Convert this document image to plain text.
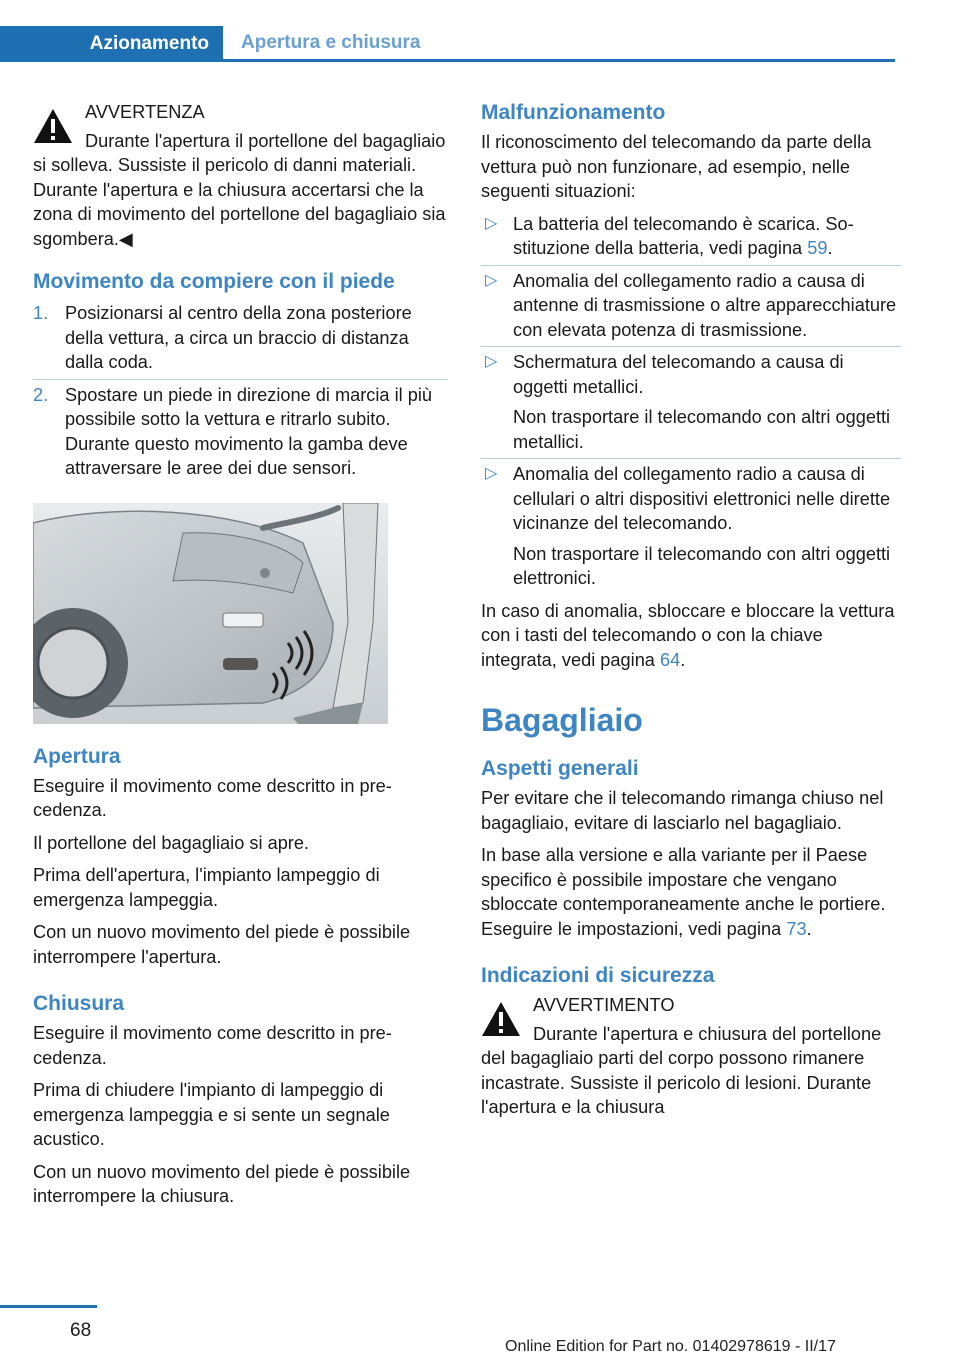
Azionamento Apertura e chiusura

AVVERTENZA

Durante l'apertura il portellone del bagagliaio si solleva. Sussiste il pericolo di danni materiali. Durante l'apertura e la chiusura accertarsi che la zona di movimento del portellone del bagagliaio sia sgombera.◀

Movimento da compiere con il piede
1. Posizionarsi al centro della zona posteriore della vettura, a circa un braccio di distanza dalla coda.
2. Spostare un piede in direzione di marcia il più possibile sotto la vettura e ritrarlo subito. Durante questo movimento la gamba deve attraversare le aree dei due sensori.
Apertura

Eseguire il movimento come descritto in precedenza.

Il portellone del bagagliaio si apre.

Prima dell'apertura, l'impianto lampeggio di emergenza lampeggia.

Con un nuovo movimento del piede è possibile interrompere l'apertura.

Chiusura

Eseguire il movimento come descritto in precedenza.

Prima di chiudere l'impianto di lampeggio di emergenza lampeggia e si sente un segnale acustico.

Con un nuovo movimento del piede è possibile interrompere la chiusura.

Malfunzionamento

Il riconoscimento del telecomando da parte della vettura può non funzionare, ad esempio, nelle seguenti situazioni:

▷ La batteria del telecomando è scarica. Sostituzione della batteria, vedi pagina 59.
▷ Anomalia del collegamento radio a causa di antenne di trasmissione o altre apparecchiature con elevata potenza di trasmissione.
▷ Schermatura del telecomando a causa di oggetti metallici.

Non trasportare il telecomando con altri oggetti metallici.

▷ Anomalia del collegamento radio a causa di cellulari o altri dispositivi elettronici nelle dirette vicinanze del telecomando.

Non trasportare il telecomando con altri oggetti elettronici.

In caso di anomalia, sbloccare e bloccare la vettura con i tasti del telecomando o con la chiave integrata, vedi pagina 64.

Bagagliaio
Aspetti generali

Per evitare che il telecomando rimanga chiuso nel bagagliaio, evitare di lasciarlo nel bagagliaio.

In base alla versione e alla variante per il Paese specifico è possibile impostare che vengano sbloccate contemporaneamente anche le portiere. Eseguire le impostazioni, vedi pagina 73.

Indicazioni di sicurezza

AVVERTIMENTO

Durante l'apertura e chiusura del portellone del bagagliaio parti del corpo possono rimanere incastrate. Sussiste il pericolo di lesioni. Durante l'apertura e la chiusura

68
Online Edition for Part no. 01402978619 - II/17
